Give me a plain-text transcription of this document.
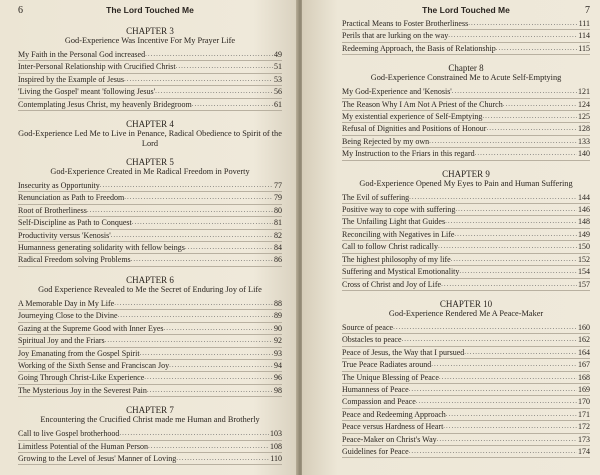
6	The Lord Touched Me
CHAPTER 3
God-Experience Was Incentive For My Prayer Life
My Faith in the Personal God increased .....	49
Inter-Personal Relationship with Crucified Christ .....	51
Inspired by the Example of Jesus .....	53
'Living the Gospel' meant 'following Jesus' .....	56
Contemplating Jesus Christ, my heavenly Bridegroom .....	61
CHAPTER 4
God-Experience Led Me to Live in Penance, Radical Obedience to Spirit of the Lord
CHAPTER 5
God-Experience Created in Me Radical Freedom in Poverty
Insecurity as Opportunity .....	77
Renunciation as Path to Freedom .....	79
Root of Brotherliness .....	80
Self-Discipline as Path to Conquest .....	81
Productivity versus 'Kenosis' .....	82
Humanness generating solidarity with fellow beings .....	84
Radical Freedom solving Problems .....	86
CHAPTER 6
God Experience Revealed to Me the Secret of Enduring Joy of Life
A Memorable Day in My Life .....	88
Journeying Close to the Divine .....	89
Gazing at the Supreme Good with Inner Eyes .....	90
Spiritual Joy and the Friars .....	92
Joy Emanating from the Gospel Spirit .....	93
Working of the Sixth Sense and Franciscan Joy .....	94
Going Through Christ-Like Experience .....	96
The Mysterious Joy in the Severest Pain .....	98
CHAPTER 7
Encountering the Crucified Christ made me Human and Brotherly
Call to live Gospel brotherhood .....	103
Limitless Potential of the Human Person .....	108
Growing to the Level of Jesus' Manner of Loving .....	110
The Lord Touched Me	7
Practical Means to Foster Brotherliness .....	111
Perils that are lurking on the way .....	114
Redeeming Approach, the Basis of Relationship .....	115
Chapter 8
God-Experience Constrained Me to Acute Self-Emptying
My God-Experience and 'Kenosis' .....	121
The Reason Why I Am Not A Priest of the Church .....	124
My existential experience of Self-Emptying .....	125
Refusal of Dignities and Positions of Honour .....	128
Being Rejected by my own .....	133
My Instruction to the Friars in this regard .....	140
CHAPTER 9
God-Experience Opened My Eyes to Pain and Human Suffering
The Evil of suffering .....	144
Positive way to cope with suffering .....	146
The Unfailing Light that Guides .....	148
Reconciling with Negatives in Life .....	149
Call to follow Christ radically .....	150
The highest philosophy of my life .....	152
Suffering and Mystical Emotionality .....	154
Cross of Christ and Joy of Life .....	157
CHAPTER 10
God-Experience Rendered Me A Peace-Maker
Source of peace .....	160
Obstacles to peace .....	162
Peace of Jesus, the Way that I pursued .....	164
True Peace Radiates around .....	167
The Unique Blessing of Peace .....	168
Humanness of Peace .....	169
Compassion and Peace .....	170
Peace and Redeeming Approach .....	171
Peace versus Hardness of Heart .....	172
Peace-Maker on Christ's Way .....	173
Guidelines for Peace .....	174
